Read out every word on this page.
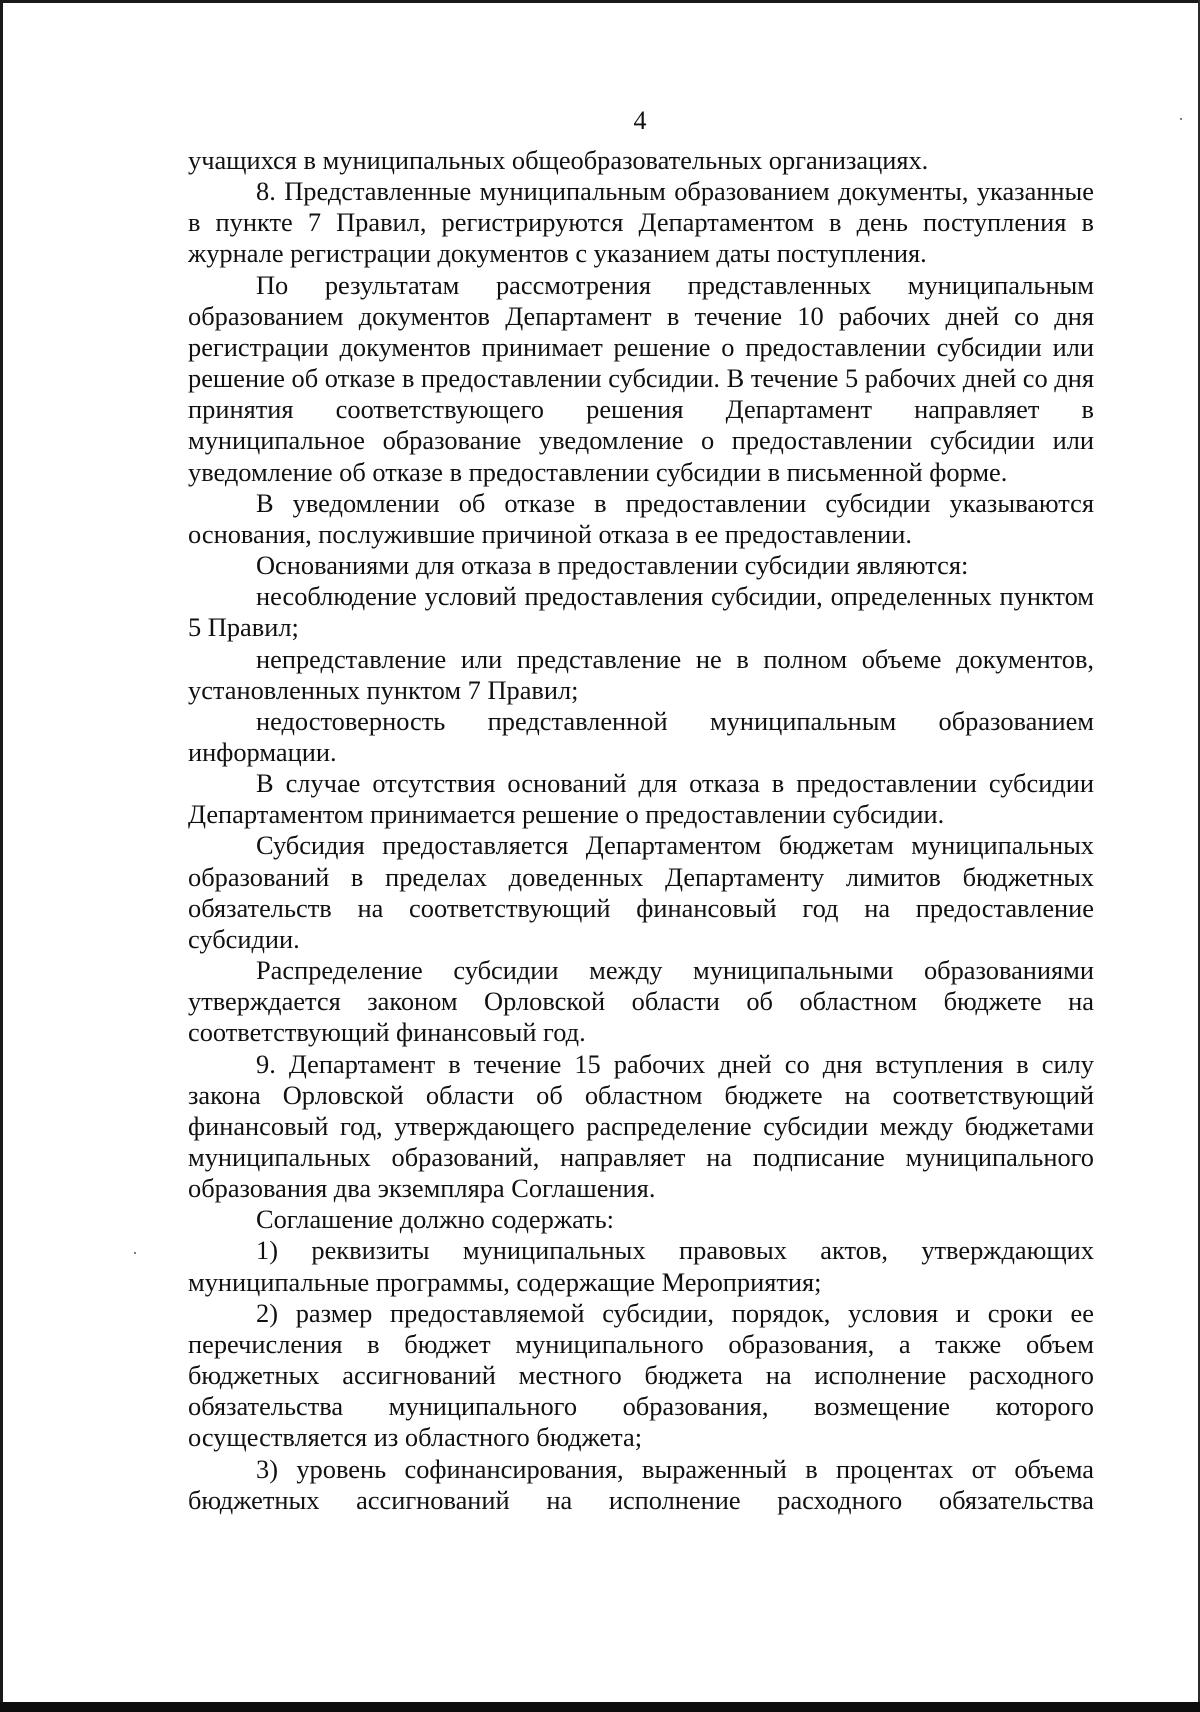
4

учащихся в муниципальных общеобразовательных организациях.

8. Представленные муниципальным образованием документы, указанные в пункте 7 Правил, регистрируются Департаментом в день поступления в журнале регистрации документов с указанием даты поступления.

По результатам рассмотрения представленных муниципальным образованием документов Департамент в течение 10 рабочих дней со дня регистрации документов принимает решение о предоставлении субсидии или решение об отказе в предоставлении субсидии. В течение 5 рабочих дней со дня принятия соответствующего решения Департамент направляет в муниципальное образование уведомление о предоставлении субсидии или уведомление об отказе в предоставлении субсидии в письменной форме.

В уведомлении об отказе в предоставлении субсидии указываются основания, послужившие причиной отказа в ее предоставлении.

Основаниями для отказа в предоставлении субсидии являются:

несоблюдение условий предоставления субсидии, определенных пунктом 5 Правил;

непредставление или представление не в полном объеме документов, установленных пунктом 7 Правил;

недостоверность представленной муниципальным образованием информации.

В случае отсутствия оснований для отказа в предоставлении субсидии Департаментом принимается решение о предоставлении субсидии.

Субсидия предоставляется Департаментом бюджетам муниципальных образований в пределах доведенных Департаменту лимитов бюджетных обязательств на соответствующий финансовый год на предоставление субсидии.

Распределение субсидии между муниципальными образованиями утверждается законом Орловской области об областном бюджете на соответствующий финансовый год.

9. Департамент в течение 15 рабочих дней со дня вступления в силу закона Орловской области об областном бюджете на соответствующий финансовый год, утверждающего распределение субсидии между бюджетами муниципальных образований, направляет на подписание муниципального образования два экземпляра Соглашения.

Соглашение должно содержать:

1) реквизиты муниципальных правовых актов, утверждающих муниципальные программы, содержащие Мероприятия;

2) размер предоставляемой субсидии, порядок, условия и сроки ее перечисления в бюджет муниципального образования, а также объем бюджетных ассигнований местного бюджета на исполнение расходного обязательства муниципального образования, возмещение которого осуществляется из областного бюджета;

3) уровень софинансирования, выраженный в процентах от объема бюджетных ассигнований на исполнение расходного обязательства
